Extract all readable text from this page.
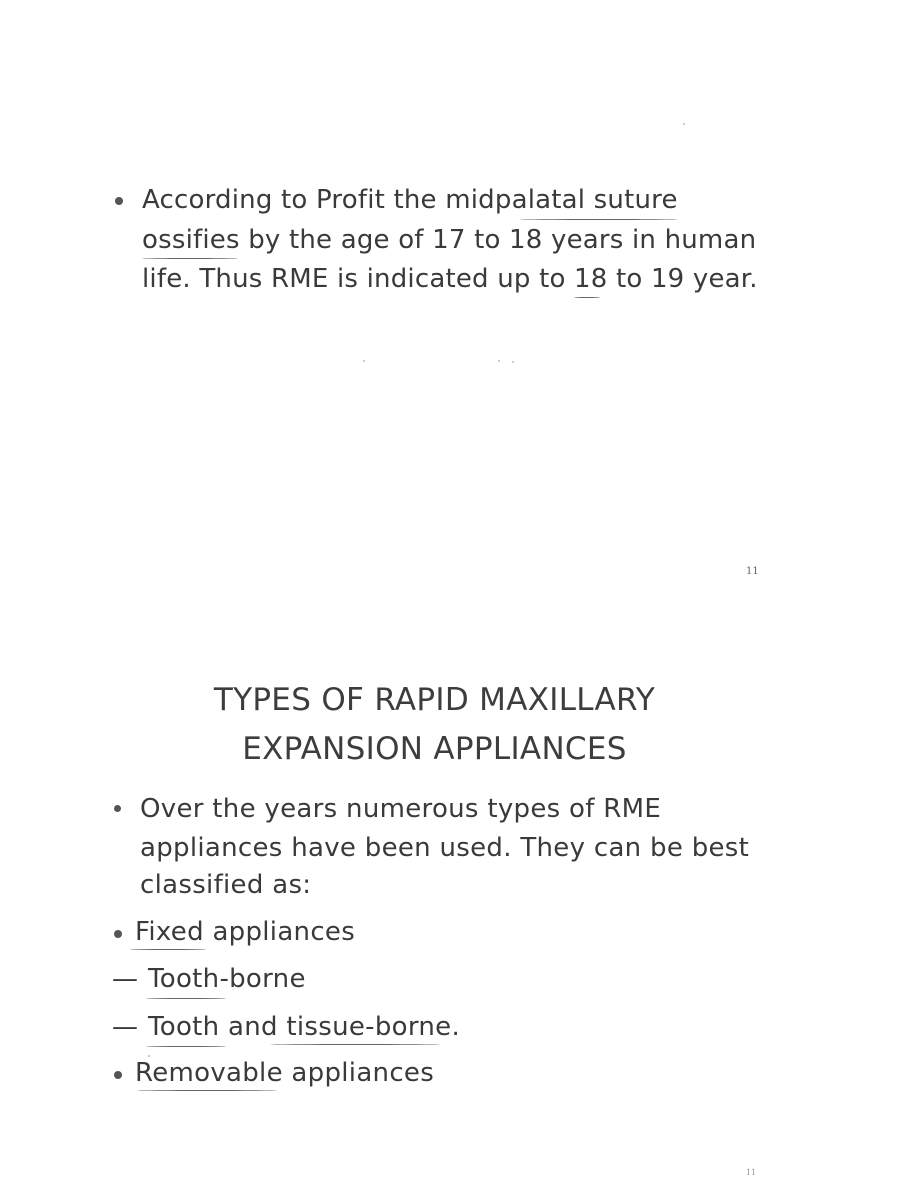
According to Profit the midpalatal suture
ossifies by the age of 17 to 18 years in human
life. Thus RME is indicated up to 18 to 19 year.
11
TYPES OF RAPID MAXILLARY
EXPANSION APPLIANCES
Over the years numerous types of RME
appliances have been used. They can be best
classified as:
Fixed appliances
— Tooth-borne
— Tooth and tissue-borne.
Removable appliances
11
